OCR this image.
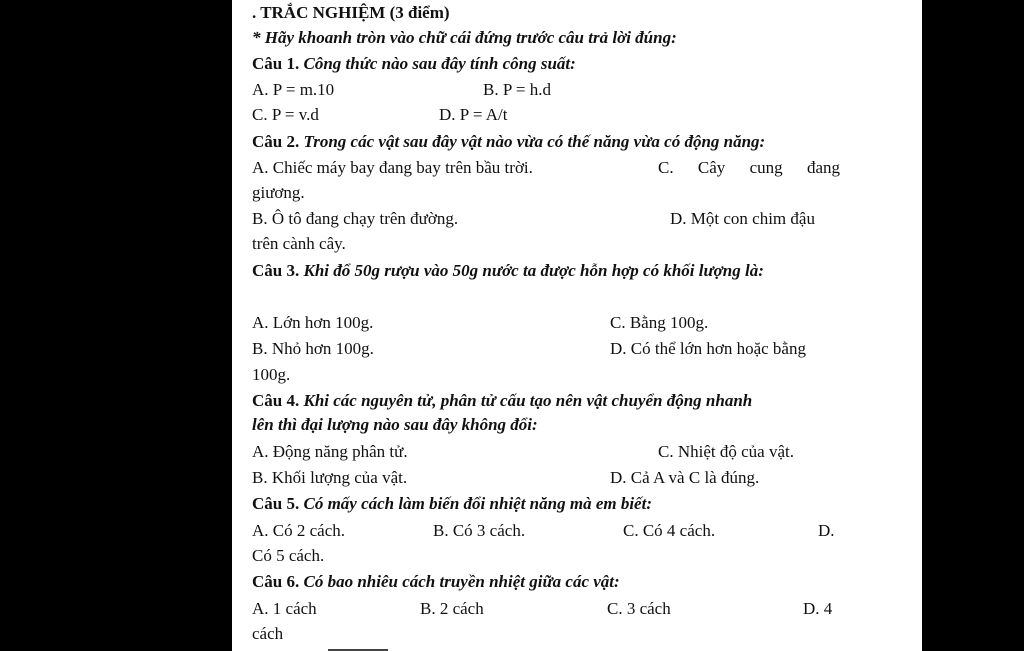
. TRẮC NGHIỆM (3 điểm)
* Hãy khoanh tròn vào chữ cái đứng trước câu trả lời đúng:
Câu 1. Công thức nào sau đây tính công suất:
A. P = m.10	B. P = h.d
C. P = v.d	D. P = A/t
Câu 2. Trong các vật sau đây vật nào vừa có thế năng vừa có động năng:
A. Chiếc máy bay đang bay trên bầu trời.	C. Cây cung đang
giương.
B. Ô tô đang chạy trên đường.	D. Một con chim đậu
trên cành cây.
Câu 3. Khi đổ 50g rượu vào 50g nước ta được hỗn hợp có khối lượng là:
A. Lớn hơn 100g.	C. Bằng 100g.
B. Nhỏ hơn 100g.	D. Có thể lớn hơn hoặc bằng
100g.
Câu 4. Khi các nguyên tử, phân tử cấu tạo nên vật chuyển động nhanh
lên thì đại lượng nào sau đây không đổi:
A. Động năng phân tử.	C. Nhiệt độ của vật.
B. Khối lượng của vật.	D. Cả A và C là đúng.
Câu 5. Có mấy cách làm biến đổi nhiệt năng mà em biết:
A. Có 2 cách.	B. Có 3 cách.	C. Có 4 cách.	D.
Có 5 cách.
Câu 6. Có bao nhiêu cách truyền nhiệt giữa các vật:
A. 1 cách	B. 2 cách	C. 3 cách	D. 4
cách
